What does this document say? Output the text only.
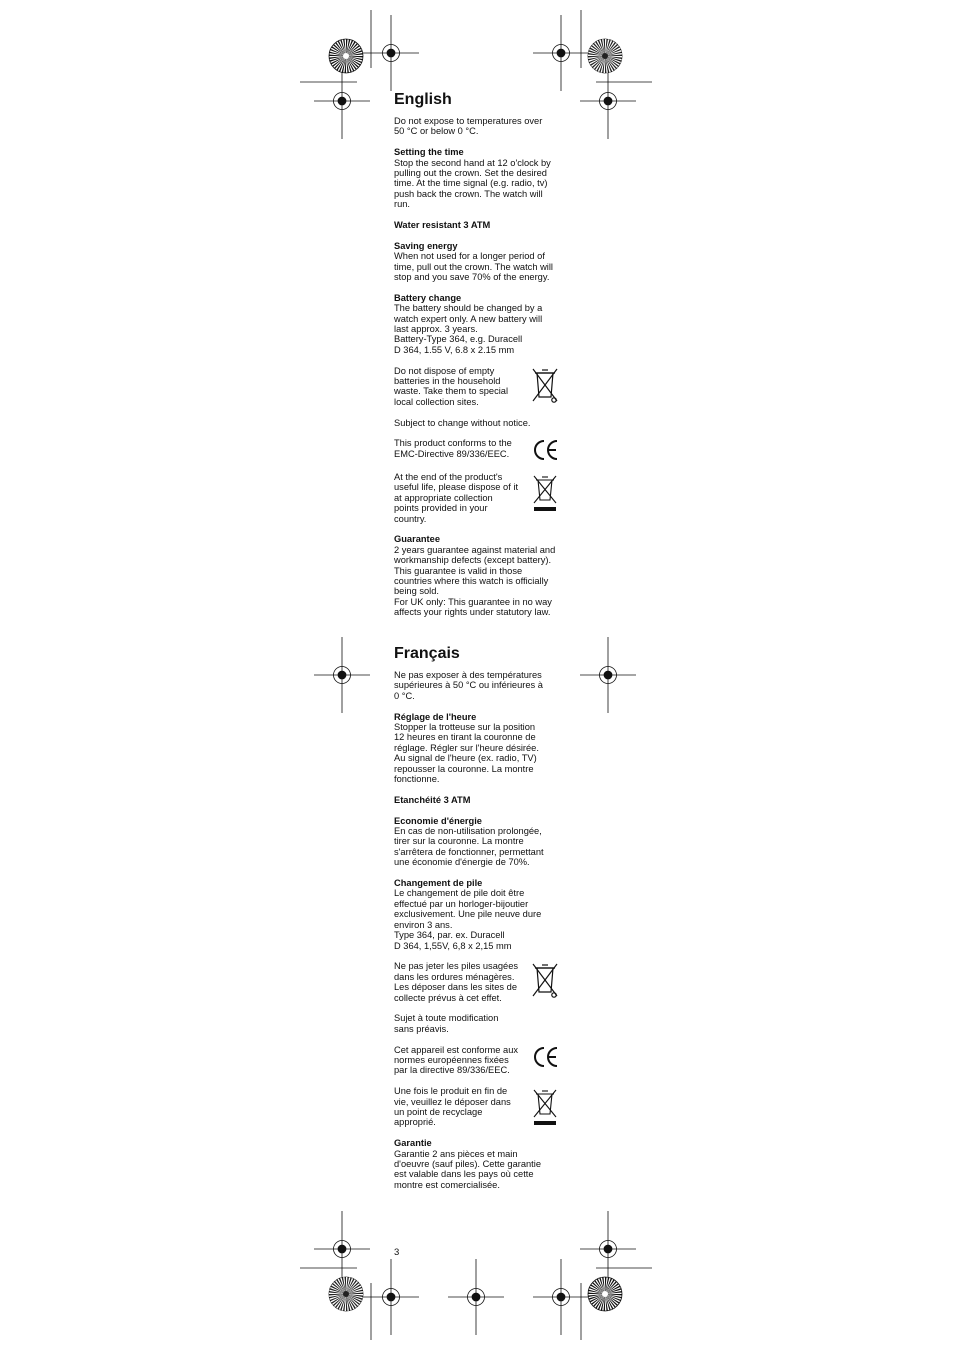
English
Do not expose to temperatures over
50 °C or below 0 °C.
Setting the time
Stop the second hand at 12 o'clock by
pulling out the crown. Set the desired
time. At the time signal (e.g. radio, tv)
push back the crown. The watch will
run.
Water resistant 3 ATM
Saving energy
When not used for a longer period of
time, pull out the crown. The watch will
stop and you save 70% of the energy.
Battery change
The battery should be changed by a
watch expert only. A new battery will
last approx. 3 years.
Battery-Type 364, e.g. Duracell
D 364, 1.55 V, 6.8 x 2.15 mm
Do not dispose of empty
batteries in the household
waste. Take them to special
local collection sites.
Subject to change without notice.
This product conforms to the
EMC-Directive 89/336/EEC.
At the end of the product's
useful life, please dispose of it
at appropriate collection
points provided in your
country.
Guarantee
2 years guarantee against material and
workmanship defects (except battery).
This guarantee is valid in those
countries where this watch is officially
being sold.
For UK only: This guarantee in no way
affects your rights under statutory law.
Français
Ne pas exposer à des températures
supérieures à 50 °C ou inférieures à
0 °C.
Réglage de l'heure
Stopper la trotteuse sur la position
12 heures en tirant la couronne de
réglage. Régler sur l'heure désirée.
Au signal de l'heure (ex. radio, TV)
repousser la couronne. La montre
fonctionne.
Etanchéité 3 ATM
Economie d'énergie
En cas de non-utilisation prolongée,
tirer sur la couronne. La montre
s'arrêtera de fonctionner, permettant
une économie d'énergie de 70%.
Changement de pile
Le changement de pile doit être
effectué par un horloger-bijoutier
exclusivement. Une pile neuve dure
environ 3 ans.
Type 364, par. ex. Duracell
D 364, 1,55V, 6,8 x 2,15 mm
Ne pas jeter les piles usagées
dans les ordures ménagères.
Les déposer dans les sites de
collecte prévus à cet effet.
Sujet à toute modification
sans préavis.
Cet appareil est conforme aux
normes européennes fixées
par la directive 89/336/EEC.
Une fois le produit en fin de
vie, veuillez le déposer dans
un point de recyclage
approprié.
Garantie
Garantie 2 ans pièces et main
d'oeuvre (sauf piles). Cette garantie
est valable dans les pays où cette
montre est comercialisée.
3
